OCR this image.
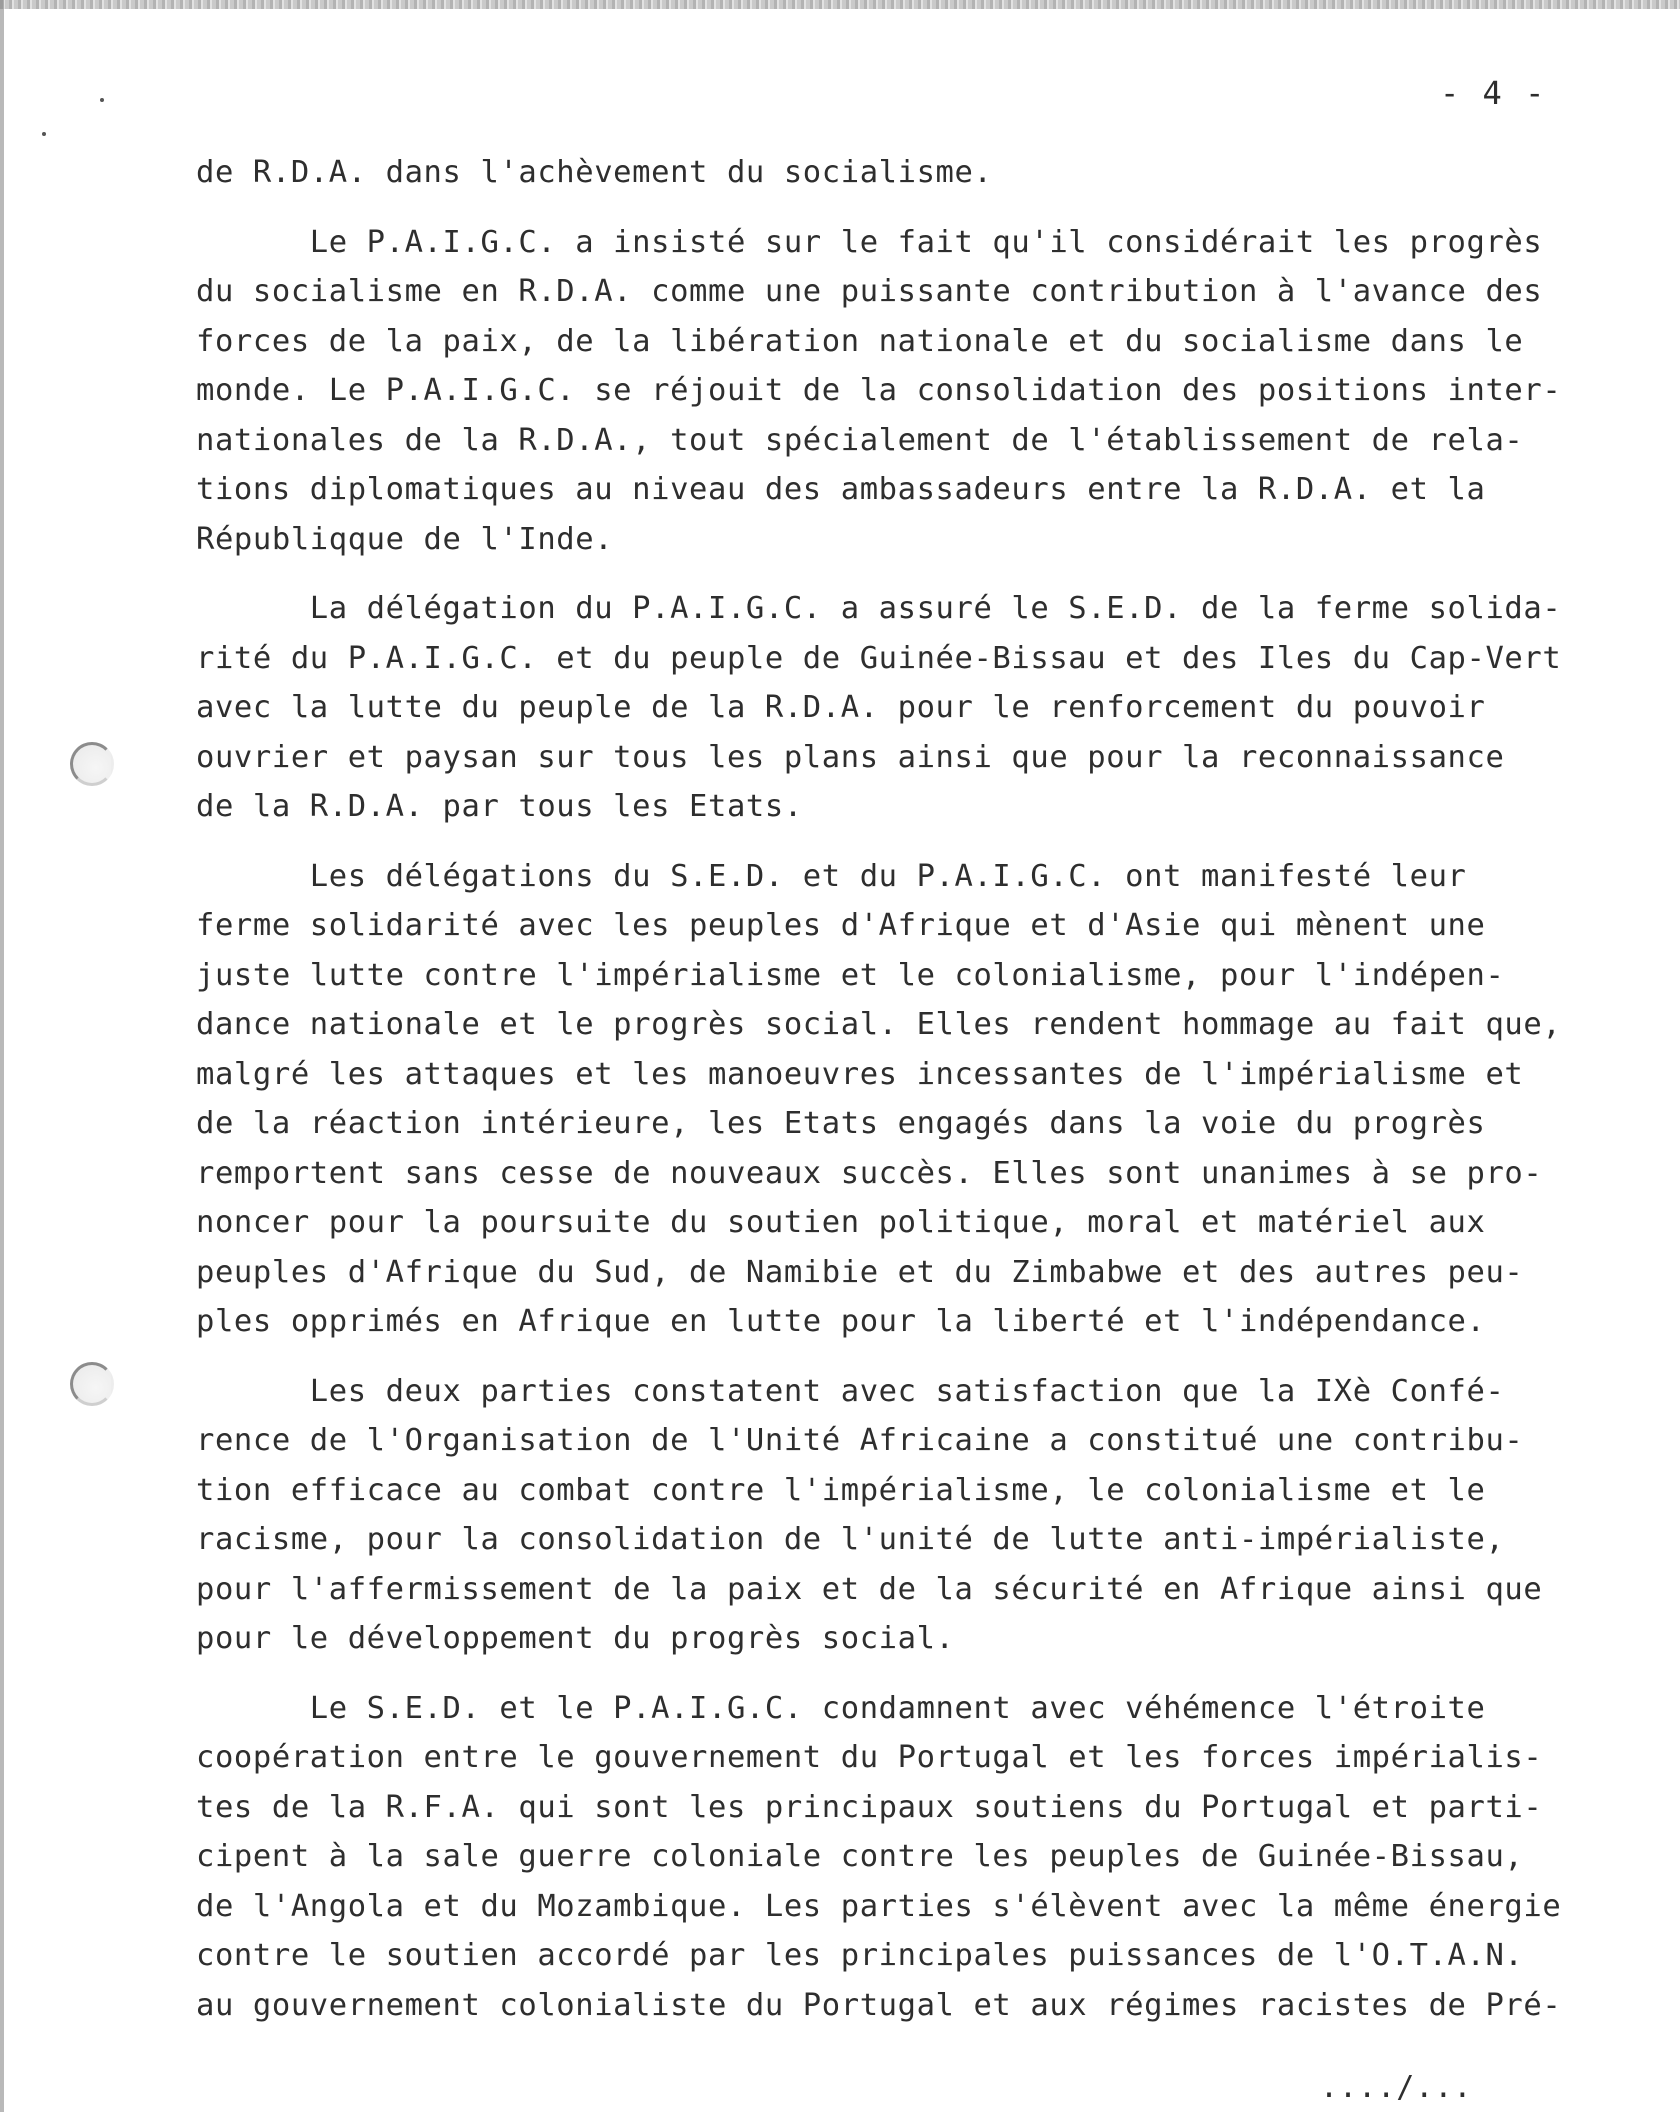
- 4 -
de R.D.A. dans l'achèvement du socialisme.
Le P.A.I.G.C. a insisté sur le fait qu'il considérait les progrès
du socialisme en R.D.A. comme une puissante contribution à l'avance des
forces de la paix, de la libération nationale et du socialisme dans le
monde. Le P.A.I.G.C. se réjouit de la consolidation des positions inter-
nationales de la R.D.A., tout spécialement de l'établissement de rela-
tions diplomatiques au niveau des ambassadeurs entre la R.D.A. et la
Républiqque de l'Inde.
La délégation du P.A.I.G.C. a assuré le S.E.D. de la ferme solida-
rité du P.A.I.G.C. et du peuple de Guinée-Bissau et des Iles du Cap-Vert
avec la lutte du peuple de la R.D.A. pour le renforcement du pouvoir
ouvrier et paysan sur tous les plans ainsi que pour la reconnaissance
de la R.D.A. par tous les Etats.
Les délégations du S.E.D. et du P.A.I.G.C. ont manifesté leur
ferme solidarité avec les peuples d'Afrique et d'Asie qui mènent une
juste lutte contre l'impérialisme et le colonialisme, pour l'indépen-
dance nationale et le progrès social. Elles rendent hommage au fait que,
malgré les attaques et les manoeuvres incessantes de l'impérialisme et
de la réaction intérieure, les Etats engagés dans la voie du progrès
remportent sans cesse de nouveaux succès. Elles sont unanimes à se pro-
noncer pour la poursuite du soutien politique, moral et matériel aux
peuples d'Afrique du Sud, de Namibie et du Zimbabwe et des autres peu-
ples opprimés en Afrique en lutte pour la liberté et l'indépendance.
Les deux parties constatent avec satisfaction que la IXè Confé-
rence de l'Organisation de l'Unité Africaine a constitué une contribu-
tion efficace au combat contre l'impérialisme, le colonialisme et le
racisme, pour la consolidation de l'unité de lutte anti-impérialiste,
pour l'affermissement de la paix et de la sécurité en Afrique ainsi que
pour le développement du progrès social.
Le S.E.D. et le P.A.I.G.C. condamnent avec véhémence l'étroite
coopération entre le gouvernement du Portugal et les forces impérialis-
tes de la R.F.A. qui sont les principaux soutiens du Portugal et parti-
cipent à la sale guerre coloniale contre les peuples de Guinée-Bissau,
de l'Angola et du Mozambique. Les parties s'élèvent avec la même énergie
contre le soutien accordé par les principales puissances de l'O.T.A.N.
au gouvernement colonialiste du Portugal et aux régimes racistes de Pré-
..../...
